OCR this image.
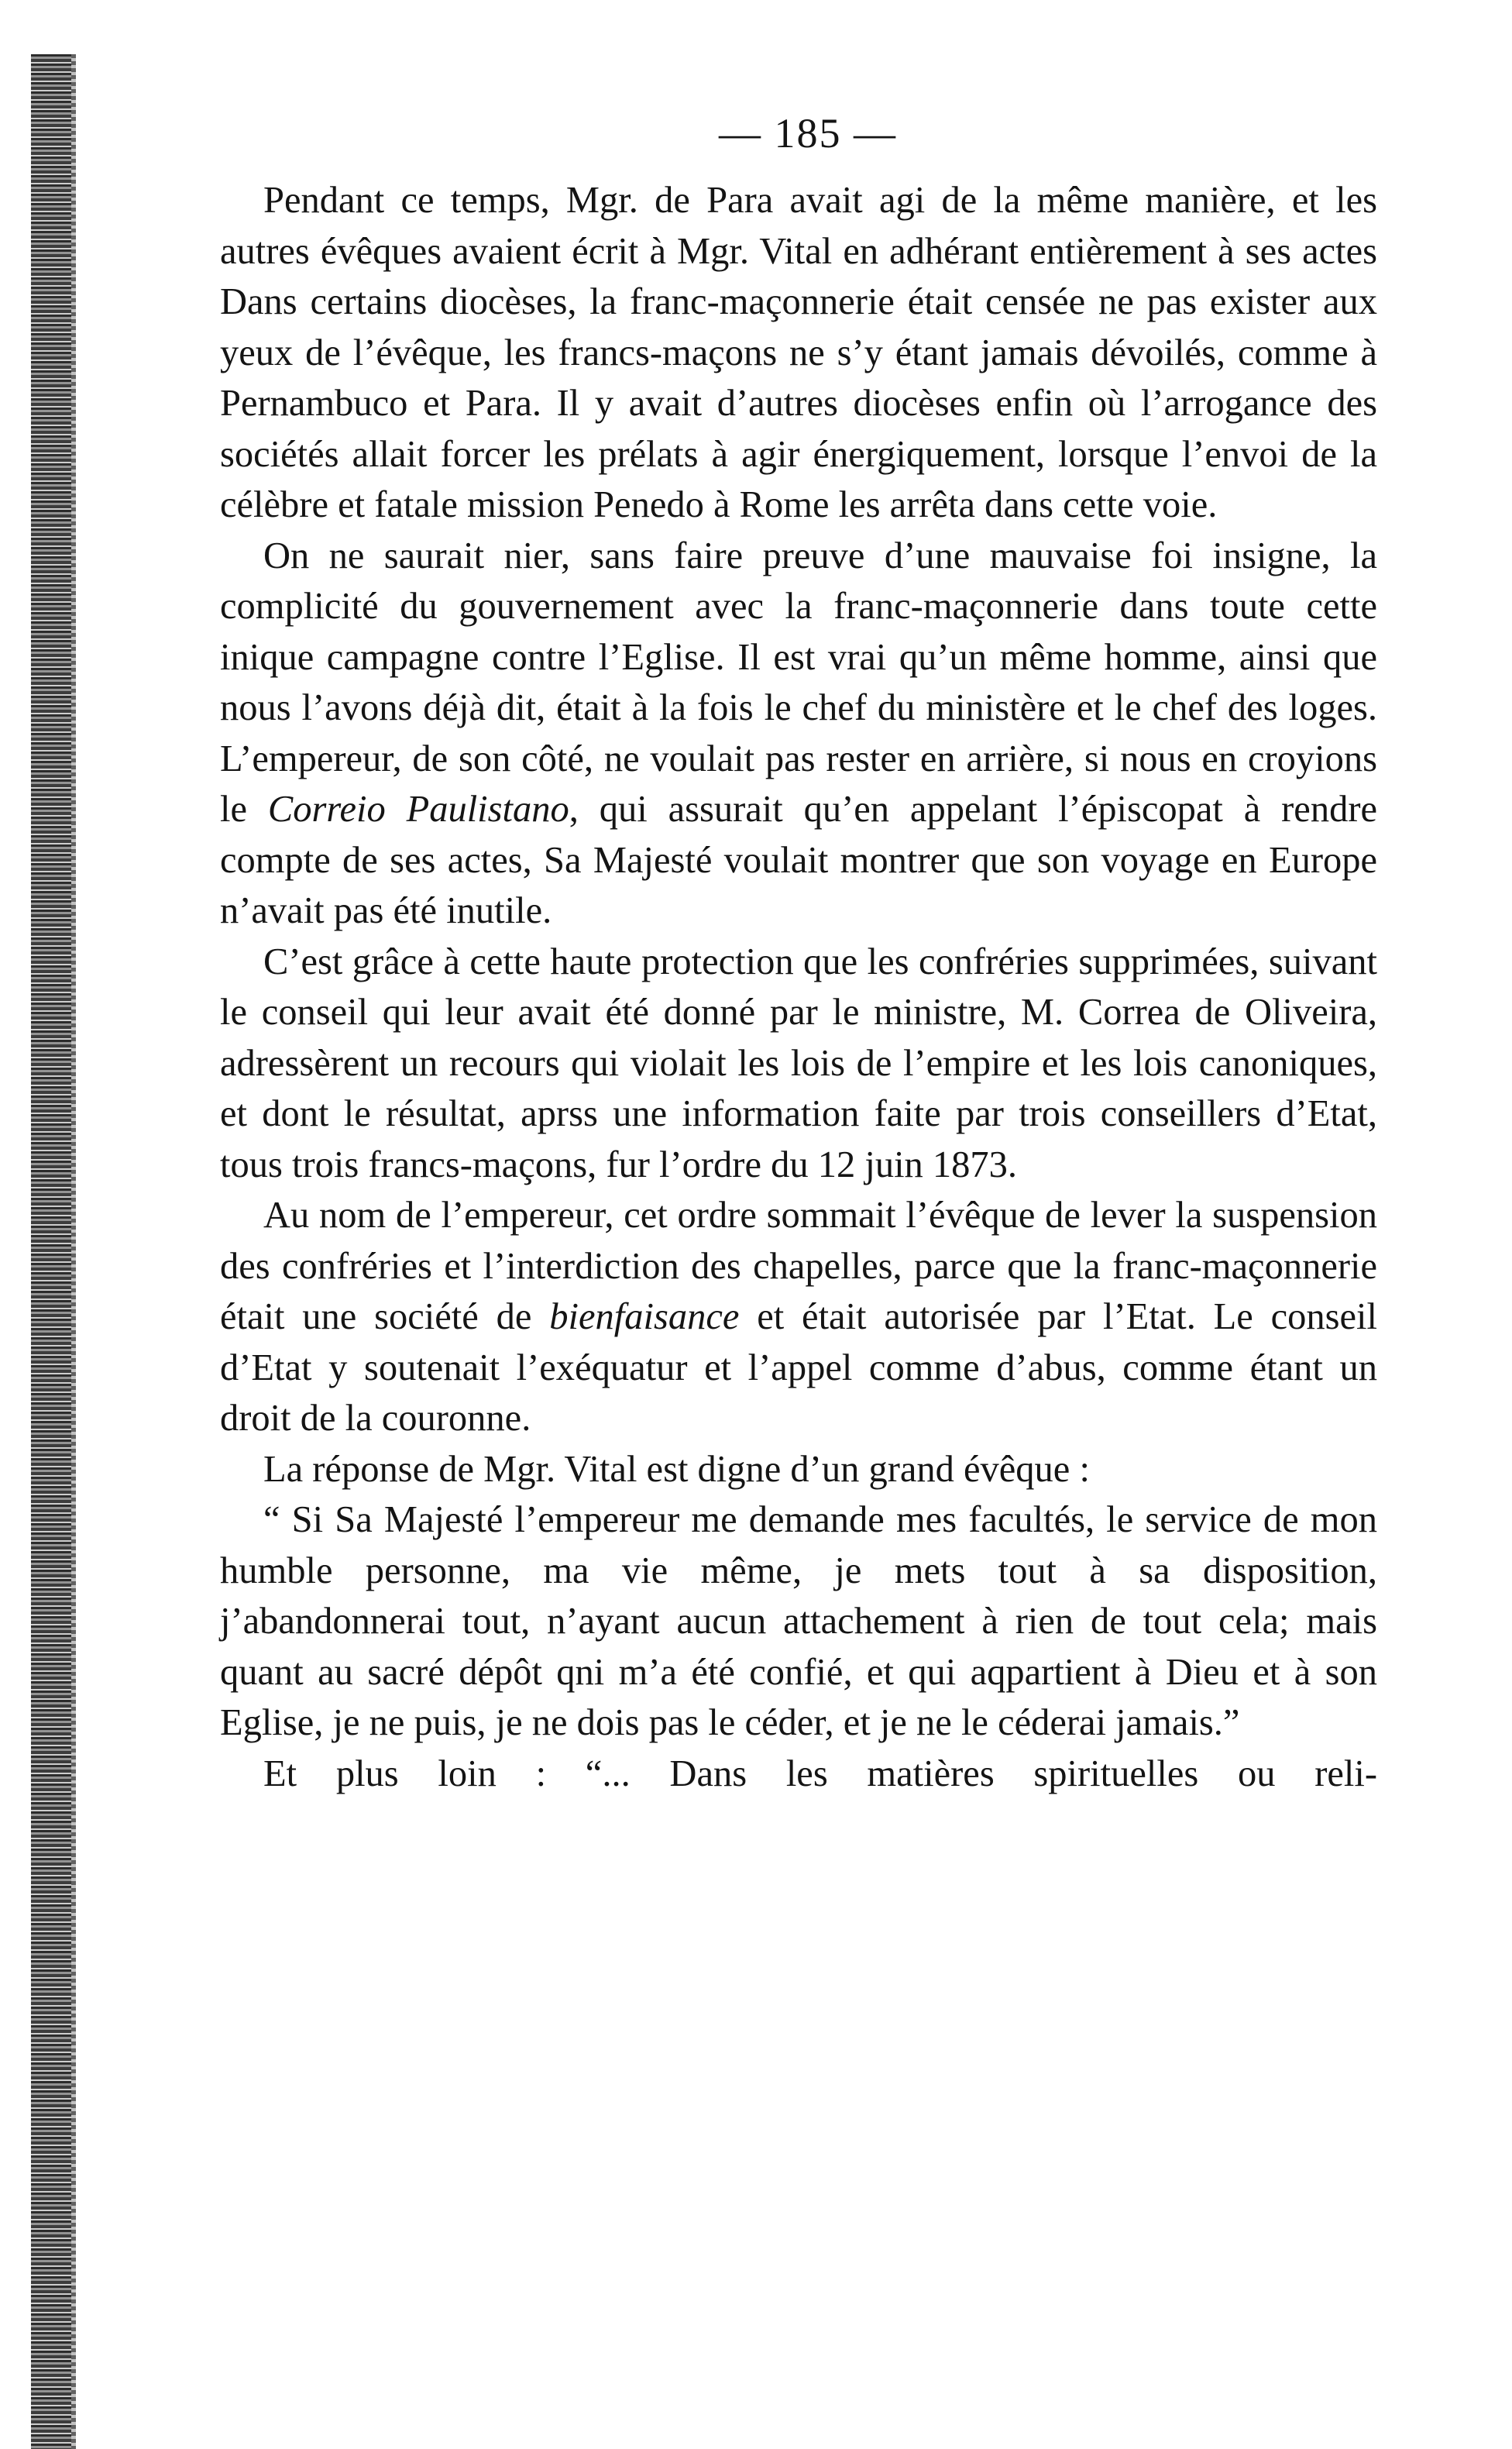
— 185 —

Pendant ce temps, Mgr. de Para avait agi de la même manière, et les autres évêques avaient écrit à Mgr. Vital en adhérant entièrement à ses actes Dans certains diocèses, la franc-maçonnerie était censée ne pas exister aux yeux de l’évêque, les francs-maçons ne s’y étant jamais dévoilés, comme à Pernambuco et Para. Il y avait d’autres diocèses enfin où l’arrogance des sociétés allait forcer les prélats à agir énergiquement, lorsque l’envoi de la célèbre et fatale mission Penedo à Rome les arrêta dans cette voie.

On ne saurait nier, sans faire preuve d’une mauvaise foi insigne, la complicité du gouvernement avec la franc-maçonnerie dans toute cette inique campagne contre l’Eglise. Il est vrai qu’un même homme, ainsi que nous l’avons déjà dit, était à la fois le chef du ministère et le chef des loges. L’empereur, de son côté, ne voulait pas rester en arrière, si nous en croyions le Correio Paulistano, qui assurait qu’en appelant l’épiscopat à rendre compte de ses actes, Sa Majesté voulait montrer que son voyage en Europe n’avait pas été inutile.

C’est grâce à cette haute protection que les confréries supprimées, suivant le conseil qui leur avait été donné par le ministre, M. Correa de Oliveira, adressèrent un recours qui violait les lois de l’empire et les lois canoniques, et dont le résultat, aprss une information faite par trois conseillers d’Etat, tous trois francs-maçons, fur l’ordre du 12 juin 1873.

Au nom de l’empereur, cet ordre sommait l’évêque de lever la suspension des confréries et l’interdiction des chapelles, parce que la franc-maçonnerie était une société de bienfaisance et était autorisée par l’Etat. Le conseil d’Etat y soutenait l’exéquatur et l’appel comme d’abus, comme étant un droit de la couronne.

La réponse de Mgr. Vital est digne d’un grand évêque :

“ Si Sa Majesté l’empereur me demande mes facultés, le service de mon humble personne, ma vie même, je mets tout à sa disposition, j’abandonnerai tout, n’ayant aucun attachement à rien de tout cela; mais quant au sacré dépôt qni m’a été confié, et qui aqpartient à Dieu et à son Eglise, je ne puis, je ne dois pas le céder, et je ne le céderai jamais.”

Et plus loin : “... Dans les matières spirituelles ou reli-
